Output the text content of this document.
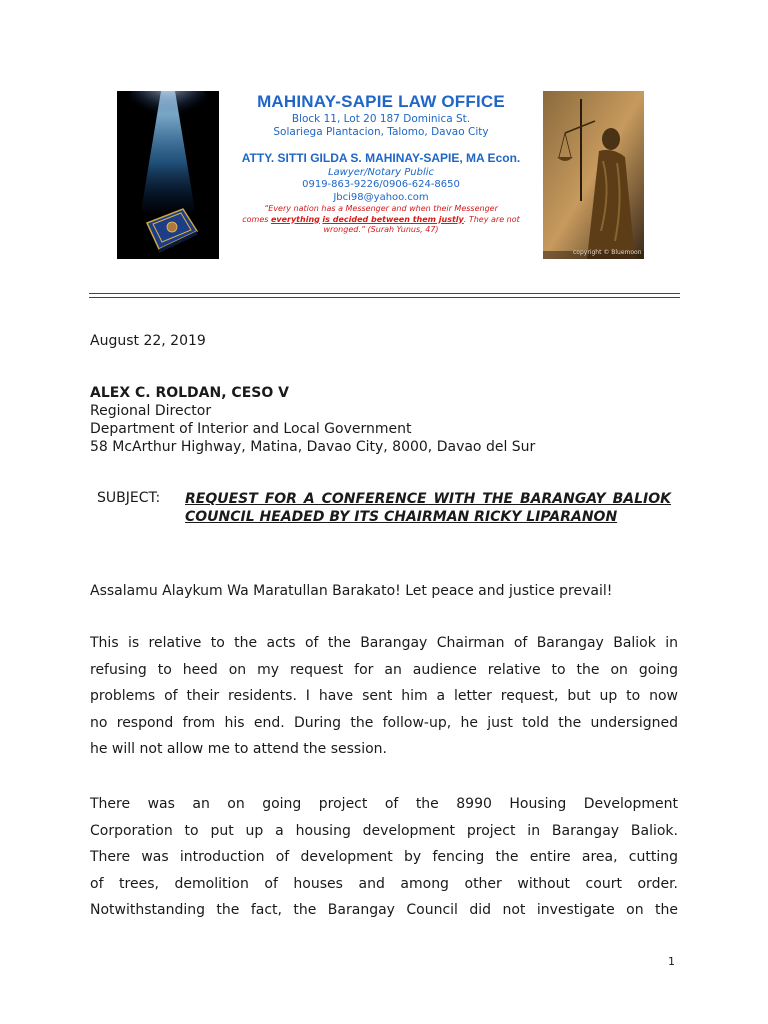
copyright © Bluemoon
MAHINAY-SAPIE LAW OFFICE
Block 11, Lot 20 187 Dominica St.
Solariega Plantacion, Talomo, Davao City
ATTY. SITTI GILDA S. MAHINAY-SAPIE, MA Econ.
Lawyer/Notary Public
0919-863-9226/0906-624-8650
Jbci98@yahoo.com
“Every nation has a Messenger and when their Messenger
comes everything is decided between them justly. They are not
wronged.” (Surah Yunus, 47)
August 22, 2019
ALEX C. ROLDAN, CESO V
Regional Director
Department of Interior and Local Government
58 McArthur Highway, Matina, Davao City, 8000, Davao del Sur
SUBJECT: REQUEST FOR A CONFERENCE WITH THE BARANGAY BALIOK COUNCIL HEADED BY ITS CHAIRMAN RICKY LIPARANON
Assalamu Alaykum Wa Maratullan Barakato! Let peace and justice prevail!
This is relative to the acts of the Barangay Chairman of Barangay Baliok in
refusing to heed on my request for an audience relative to the on going
problems of their residents. I have sent him a letter request, but up to now
no respond from his end. During the follow-up, he just told the undersigned
he will not allow me to attend the session.
There was an on going project of the 8990 Housing Development
Corporation to put up a housing development project in Barangay Baliok.
There was introduction of development by fencing the entire area, cutting
of trees, demolition of houses and among other without court order.
Notwithstanding the fact, the Barangay Council did not investigate on the
1
